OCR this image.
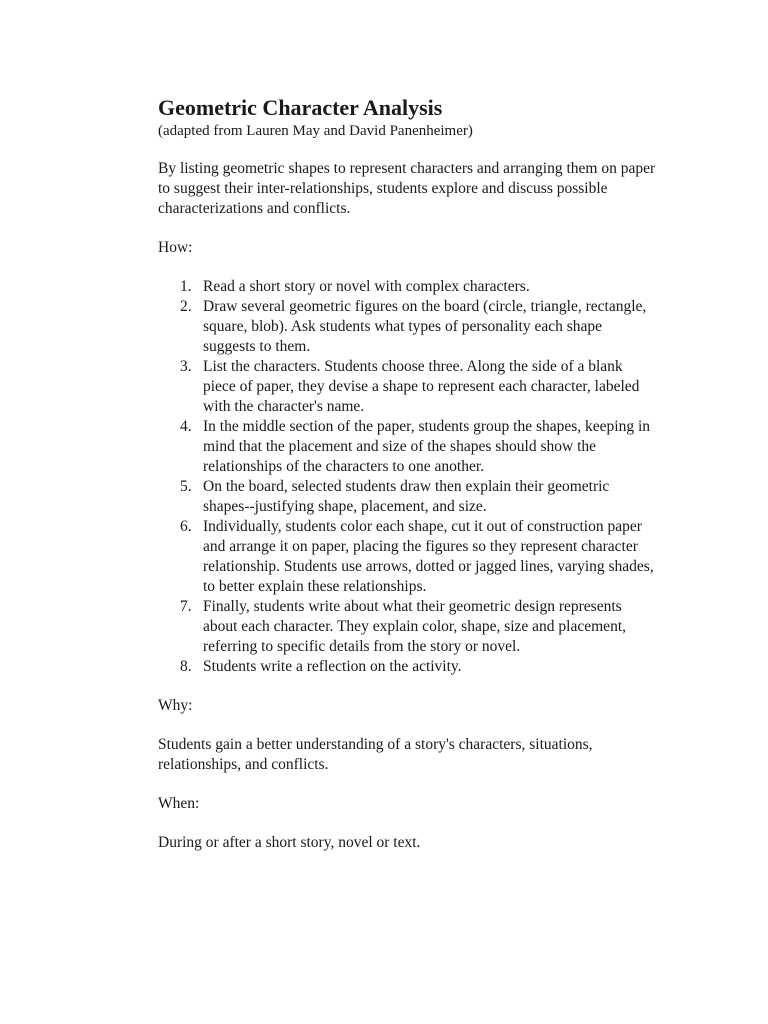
Geometric Character Analysis

(adapted from Lauren May and David Panenheimer)

By listing geometric shapes to represent characters and arranging them on paper to suggest their inter-relationships, students explore and discuss possible characterizations and conflicts.

How:

1. Read a short story or novel with complex characters.
2. Draw several geometric figures on the board (circle, triangle, rectangle, square, blob). Ask students what types of personality each shape suggests to them.
3. List the characters. Students choose three. Along the side of a blank piece of paper, they devise a shape to represent each character, labeled with the character's name.
4. In the middle section of the paper, students group the shapes, keeping in mind that the placement and size of the shapes should show the relationships of the characters to one another.
5. On the board, selected students draw then explain their geometric shapes--justifying shape, placement, and size.
6. Individually, students color each shape, cut it out of construction paper and arrange it on paper, placing the figures so they represent character relationship. Students use arrows, dotted or jagged lines, varying shades, to better explain these relationships.
7. Finally, students write about what their geometric design represents about each character. They explain color, shape, size and placement, referring to specific details from the story or novel.
8. Students write a reflection on the activity.

Why:

Students gain a better understanding of a story's characters, situations, relationships, and conflicts.

When:

During or after a short story, novel or text.
